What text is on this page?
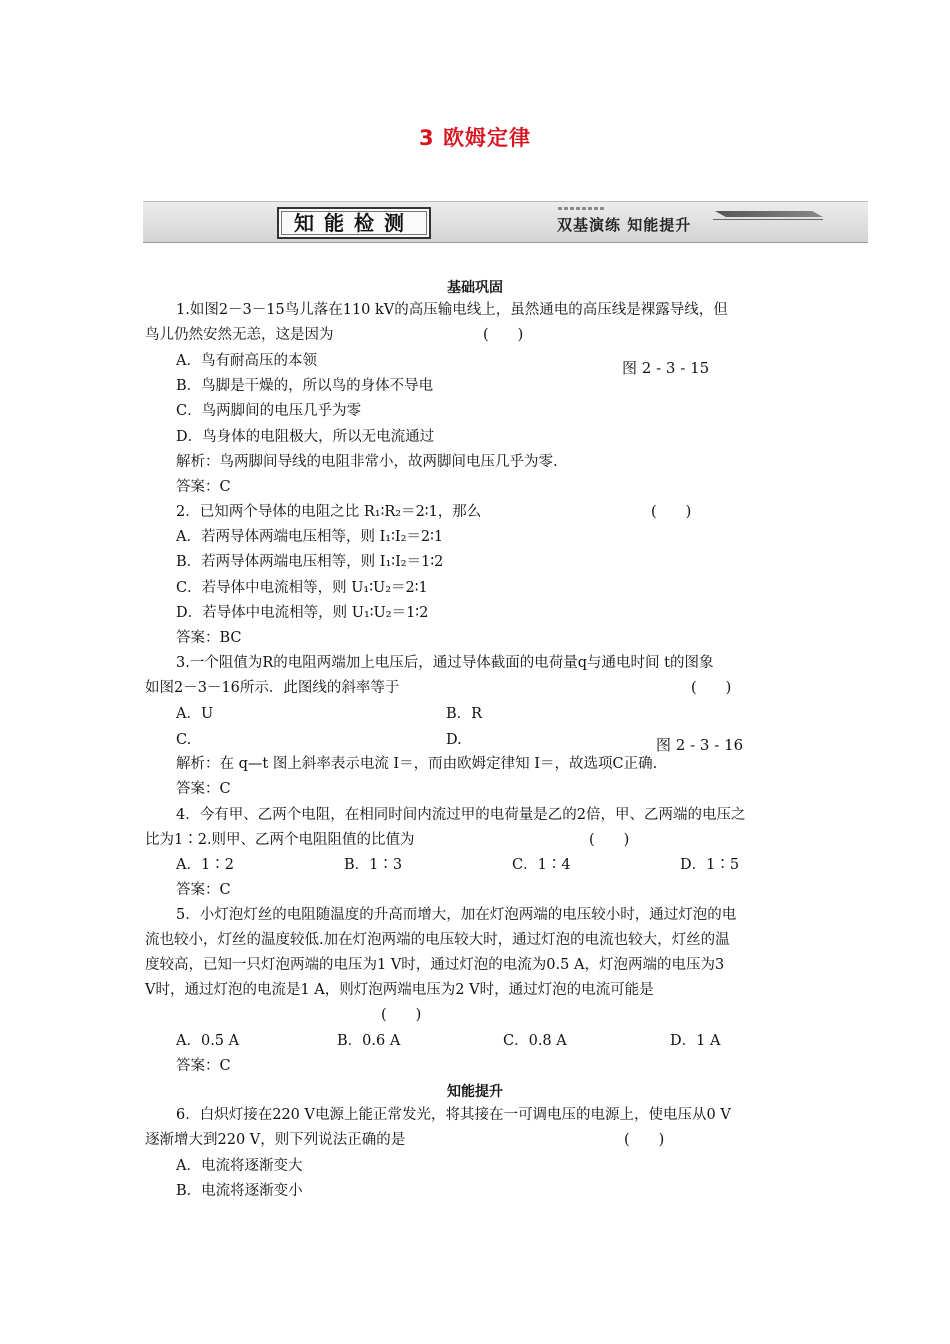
3 欧姆定律
知能检测	双基演练 知能提升
基础巩固
1.如图2－3－15鸟儿落在110 kV的高压输电线上，虽然通电的高压线是裸露导线，但
鸟儿仍然安然无恙，这是因为	(　　)
A．鸟有耐高压的本领	图 2 - 3 - 15
B．鸟脚是干燥的，所以鸟的身体不导电
C．鸟两脚间的电压几乎为零
D．鸟身体的电阻极大，所以无电流通过
解析：鸟两脚间导线的电阻非常小，故两脚间电压几乎为零.
答案：C
2．已知两个导体的电阻之比 R₁∶R₂＝2∶1，那么	(　　)
A．若两导体两端电压相等，则 I₁∶I₂＝2∶1
B．若两导体两端电压相等，则 I₁∶I₂＝1∶2
C．若导体中电流相等，则 U₁∶U₂＝2∶1
D．若导体中电流相等，则 U₁∶U₂＝1∶2
答案：BC
3.一个阻值为R的电阻两端加上电压后，通过导体截面的电荷量q与通电时间 t的图象
如图2－3－16所示．此图线的斜率等于	(　　)
A．U	B．R
C.	D.	图 2 - 3 - 16
解析：在 q—t 图上斜率表示电流 I＝，而由欧姆定律知 I＝，故选项C正确.
答案：C
4．今有甲、乙两个电阻，在相同时间内流过甲的电荷量是乙的2倍，甲、乙两端的电压之
比为1∶2.则甲、乙两个电阻阻值的比值为	(　　)
A．1∶2	B．1∶3	C．1∶4	D．1∶5
答案：C
5．小灯泡灯丝的电阻随温度的升高而增大，加在灯泡两端的电压较小时，通过灯泡的电
流也较小，灯丝的温度较低.加在灯泡两端的电压较大时，通过灯泡的电流也较大，灯丝的温
度较高，已知一只灯泡两端的电压为1 V时，通过灯泡的电流为0.5 A，灯泡两端的电压为3
V时，通过灯泡的电流是1 A，则灯泡两端电压为2 V时，通过灯泡的电流可能是
(　　)
A．0.5 A	B．0.6 A	C．0.8 A	D．1 A
答案：C
知能提升
6．白炽灯接在220 V电源上能正常发光，将其接在一可调电压的电源上，使电压从0 V
逐渐增大到220 V，则下列说法正确的是	(　　)
A．电流将逐渐变大
B．电流将逐渐变小
